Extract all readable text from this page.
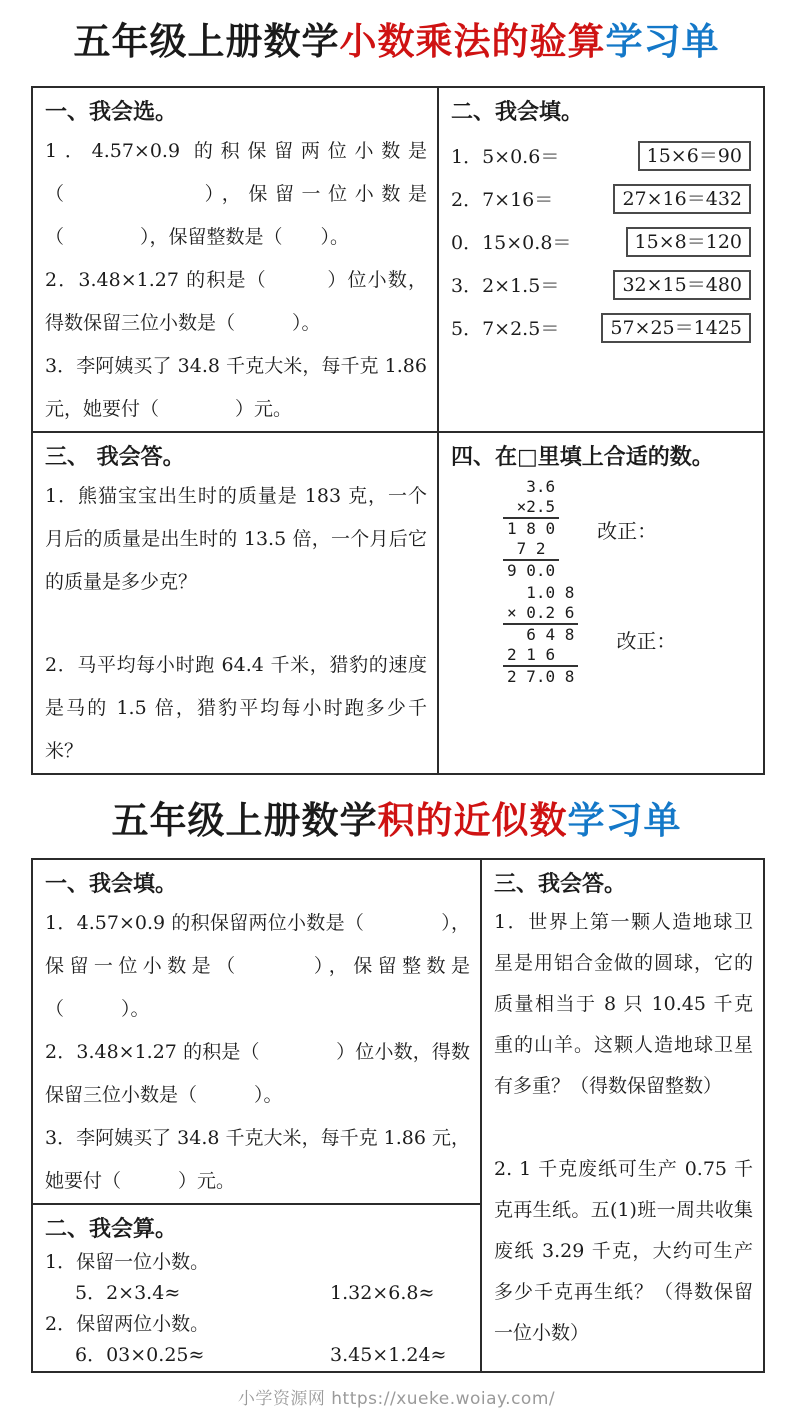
五年级上册数学小数乘法的验算学习单

一、我会选。

1．4.57×0.9 的积保留两位小数是（　　　　　），保留一位小数是（　　　　），保留整数是（　　）。

2．3.48×1.27 的积是（　　　）位小数，得数保留三位小数是（　　　）。

3．李阿姨买了 34.8 千克大米，每千克 1.86 元，她要付（　　　　）元。

二、我会填。

1．5×0.6＝	15×6＝90
2．7×16＝	27×16＝432
0．15×0.8＝	15×8＝120
3．2×1.5＝	32×15＝480
5．7×2.5＝	57×25＝1425

三、 我会答。

1．熊猫宝宝出生时的质量是 183 克，一个月后的质量是出生时的 13.5 倍，一个月后它的质量是多少克？

2．马平均每小时跑 64.4 千米，猎豹的速度是马的 1.5 倍，猎豹平均每小时跑多少千米？

四、在□里填上合适的数。

3.6
×2.5
1 8 0
7 2
9 0.0
改正：
1.0 8
× 0.2 6
6 4 8
2 1 6
2 7.0 8
改正：
五年级上册数学积的近似数学习单

一、我会填。

1．4.57×0.9 的积保留两位小数是（　　　　），保留一位小数是（　　　），保留整数是（　　　）。

2．3.48×1.27 的积是（　　　　）位小数，得数保留三位小数是（　　　）。

3．李阿姨买了 34.8 千克大米，每千克 1.86 元，她要付（　　　）元。

三、我会答。

1．世界上第一颗人造地球卫星是用铝合金做的圆球，它的质量相当于 8 只 10.45 千克重的山羊。这颗人造地球卫星有多重？（得数保留整数）

2. 1 千克废纸可生产 0.75 千克再生纸。五(1)班一周共收集废纸 3.29 千克，大约可生产多少千克再生纸？（得数保留一位小数）

二、我会算。

1．保留一位小数。

5．2×3.4≈	1.32×6.8≈

2．保留两位小数。

6．03×0.25≈	3.45×1.24≈
小学资源网 https://xueke.woiay.com/
